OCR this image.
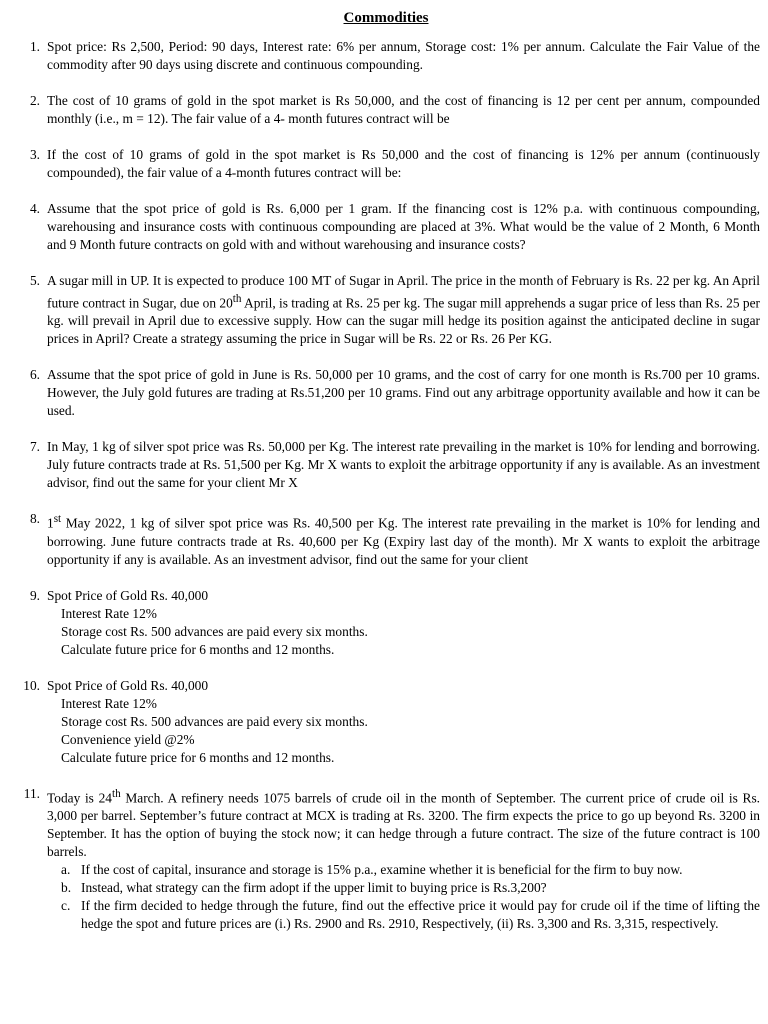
Commodities
1. Spot price: Rs 2,500, Period: 90 days, Interest rate: 6% per annum, Storage cost: 1% per annum. Calculate the Fair Value of the commodity after 90 days using discrete and continuous compounding.
2. The cost of 10 grams of gold in the spot market is Rs 50,000, and the cost of financing is 12 per cent per annum, compounded monthly (i.e., m = 12). The fair value of a 4- month futures contract will be
3. If the cost of 10 grams of gold in the spot market is Rs 50,000 and the cost of financing is 12% per annum (continuously compounded), the fair value of a 4-month futures contract will be:
4. Assume that the spot price of gold is Rs. 6,000 per 1 gram. If the financing cost is 12% p.a. with continuous compounding, warehousing and insurance costs with continuous compounding are placed at 3%. What would be the value of 2 Month, 6 Month and 9 Month future contracts on gold with and without warehousing and insurance costs?
5. A sugar mill in UP. It is expected to produce 100 MT of Sugar in April. The price in the month of February is Rs. 22 per kg. An April future contract in Sugar, due on 20th April, is trading at Rs. 25 per kg. The sugar mill apprehends a sugar price of less than Rs. 25 per kg. will prevail in April due to excessive supply. How can the sugar mill hedge its position against the anticipated decline in sugar prices in April? Create a strategy assuming the price in Sugar will be Rs. 22 or Rs. 26 Per KG.
6. Assume that the spot price of gold in June is Rs. 50,000 per 10 grams, and the cost of carry for one month is Rs.700 per 10 grams. However, the July gold futures are trading at Rs.51,200 per 10 grams. Find out any arbitrage opportunity available and how it can be used.
7. In May, 1 kg of silver spot price was Rs. 50,000 per Kg. The interest rate prevailing in the market is 10% for lending and borrowing. July future contracts trade at Rs. 51,500 per Kg. Mr X wants to exploit the arbitrage opportunity if any is available. As an investment advisor, find out the same for your client Mr X
8. 1st May 2022, 1 kg of silver spot price was Rs. 40,500 per Kg. The interest rate prevailing in the market is 10% for lending and borrowing. June future contracts trade at Rs. 40,600 per Kg (Expiry last day of the month). Mr X wants to exploit the arbitrage opportunity if any is available. As an investment advisor, find out the same for your client
9. Spot Price of Gold Rs. 40,000
Interest Rate 12%
Storage cost Rs. 500 advances are paid every six months.
Calculate future price for 6 months and 12 months.
10. Spot Price of Gold Rs. 40,000
Interest Rate 12%
Storage cost Rs. 500 advances are paid every six months.
Convenience yield @2%
Calculate future price for 6 months and 12 months.
11. Today is 24th March. A refinery needs 1075 barrels of crude oil in the month of September. The current price of crude oil is Rs. 3,000 per barrel. September’s future contract at MCX is trading at Rs. 3200. The firm expects the price to go up beyond Rs. 3200 in September. It has the option of buying the stock now; it can hedge through a future contract. The size of the future contract is 100 barrels.
a. If the cost of capital, insurance and storage is 15% p.a., examine whether it is beneficial for the firm to buy now.
b. Instead, what strategy can the firm adopt if the upper limit to buying price is Rs.3,200?
c. If the firm decided to hedge through the future, find out the effective price it would pay for crude oil if the time of lifting the hedge the spot and future prices are (i.) Rs. 2900 and Rs. 2910, Respectively, (ii) Rs. 3,300 and Rs. 3,315, respectively.
